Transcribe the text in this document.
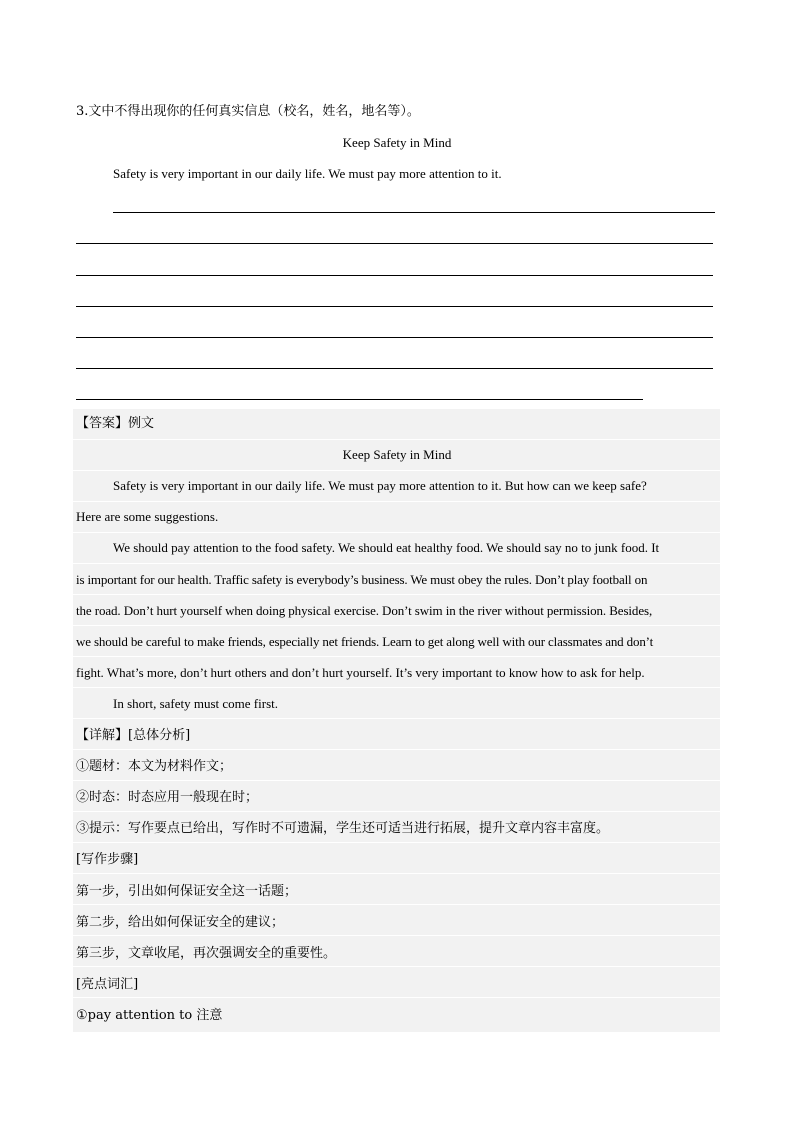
3.文中不得出现你的任何真实信息（校名，姓名，地名等）。
Keep Safety in Mind
Safety is very important in our daily life. We must pay more attention to it.
【答案】例文
Keep Safety in Mind
Safety is very important in our daily life. We must pay more attention to it. But how can we keep safe?
Here are some suggestions.
We should pay attention to the food safety. We should eat healthy food. We should say no to junk food. It
is important for our health. Traffic safety is everybody’s business. We must obey the rules. Don’t play football on
the road. Don’t hurt yourself when doing physical exercise. Don’t swim in the river without permission. Besides,
we should be careful to make friends, especially net friends. Learn to get along well with our classmates and don’t
fight. What’s more, don’t hurt others and don’t hurt yourself. It’s very important to know how to ask for help.
In short, safety must come first.
【详解】[总体分析]
①题材：本文为材料作文；
②时态：时态应用一般现在时；
③提示：写作要点已给出，写作时不可遗漏，学生还可适当进行拓展，提升文章内容丰富度。
[写作步骤]
第一步，引出如何保证安全这一话题；
第二步，给出如何保证安全的建议；
第三步，文章收尾，再次强调安全的重要性。
[亮点词汇]
①pay attention to 注意
